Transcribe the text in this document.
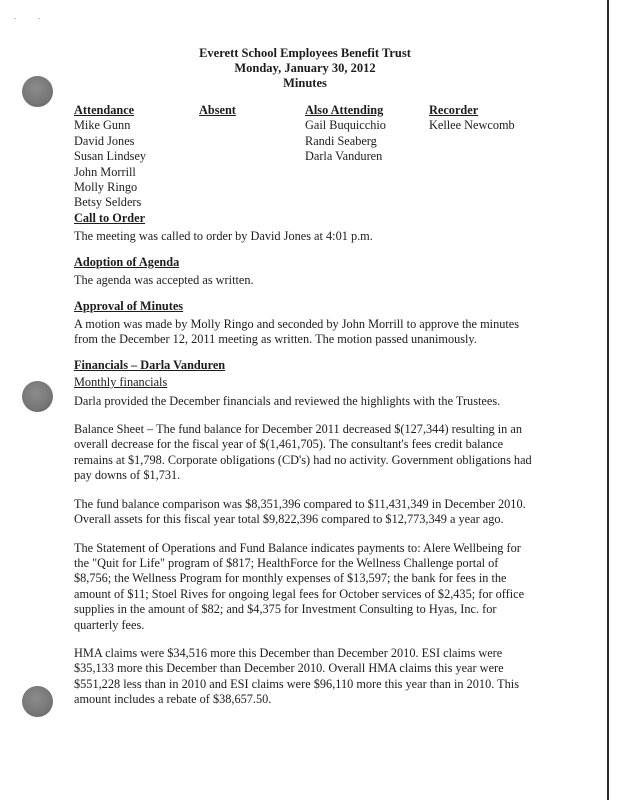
. .
Everett School Employees Benefit Trust
Monday, January 30, 2012
Minutes
Attendance
Mike Gunn
David Jones
Susan Lindsey
John Morrill
Molly Ringo
Betsy Selders
Absent	Also Attending
Gail Buquicchio
Randi Seaberg
Darla Vanduren
Recorder
Kellee Newcomb
Call to Order

The meeting was called to order by David Jones at 4:01 p.m.

Adoption of Agenda

The agenda was accepted as written.

Approval of Minutes

A motion was made by Molly Ringo and seconded by John Morrill to approve the minutes from the December 12, 2011 meeting as written. The motion passed unanimously.

Financials – Darla Vanduren
Monthly financials

Darla provided the December financials and reviewed the highlights with the Trustees.

Balance Sheet – The fund balance for December 2011 decreased $(127,344) resulting in an overall decrease for the fiscal year of $(1,461,705). The consultant's fees credit balance remains at $1,798. Corporate obligations (CD's) had no activity. Government obligations had pay downs of $1,731.

The fund balance comparison was $8,351,396 compared to $11,431,349 in December 2010. Overall assets for this fiscal year total $9,822,396 compared to $12,773,349 a year ago.

The Statement of Operations and Fund Balance indicates payments to: Alere Wellbeing for the "Quit for Life" program of $817; HealthForce for the Wellness Challenge portal of $8,756; the Wellness Program for monthly expenses of $13,597; the bank for fees in the amount of $11; Stoel Rives for ongoing legal fees for October services of $2,435; for office supplies in the amount of $82; and $4,375 for Investment Consulting to Hyas, Inc. for quarterly fees.

HMA claims were $34,516 more this December than December 2010. ESI claims were $35,133 more this December than December 2010. Overall HMA claims this year were $551,228 less than in 2010 and ESI claims were $96,110 more this year than in 2010. This amount includes a rebate of $38,657.50.
